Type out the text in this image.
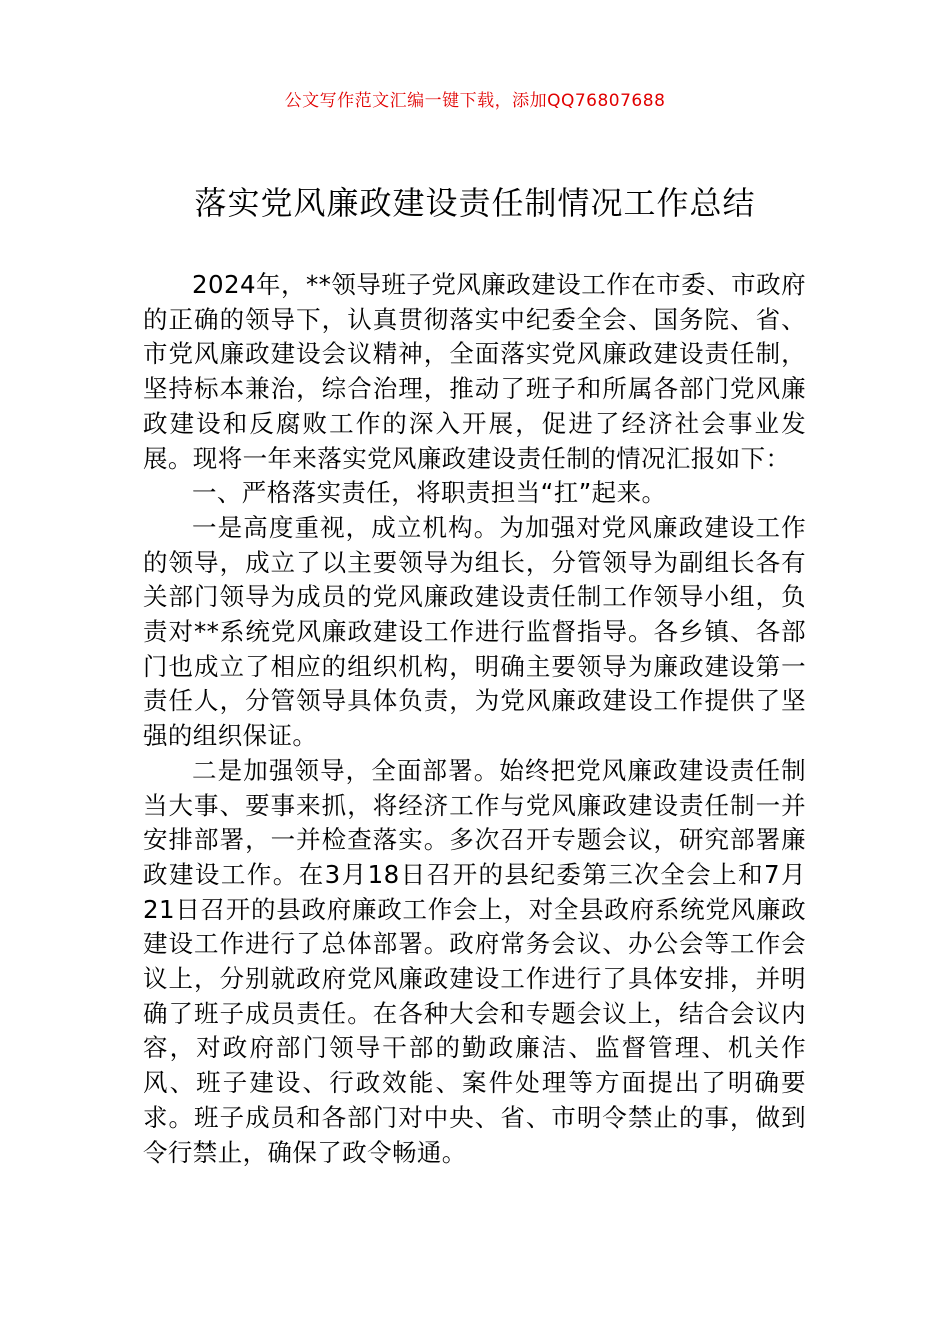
公文写作范文汇编一键下载，添加QQ76807688
落实党风廉政建设责任制情况工作总结

2024年，**领导班子党风廉政建设工作在市委、市政府的正确的领导下，认真贯彻落实中纪委全会、国务院、省、市党风廉政建设会议精神，全面落实党风廉政建设责任制，坚持标本兼治，综合治理，推动了班子和所属各部门党风廉政建设和反腐败工作的深入开展，促进了经济社会事业发展。现将一年来落实党风廉政建设责任制的情况汇报如下：

一、严格落实责任，将职责担当“扛”起来。

一是高度重视，成立机构。为加强对党风廉政建设工作的领导，成立了以主要领导为组长，分管领导为副组长各有关部门领导为成员的党风廉政建设责任制工作领导小组，负责对**系统党风廉政建设工作进行监督指导。各乡镇、各部门也成立了相应的组织机构，明确主要领导为廉政建设第一责任人，分管领导具体负责，为党风廉政建设工作提供了坚强的组织保证。

二是加强领导，全面部署。始终把党风廉政建设责任制当大事、要事来抓，将经济工作与党风廉政建设责任制一并安排部署，一并检查落实。多次召开专题会议，研究部署廉政建设工作。在3月18日召开的县纪委第三次全会上和7月21日召开的县政府廉政工作会上，对全县政府系统党风廉政建设工作进行了总体部署。政府常务会议、办公会等工作会议上，分别就政府党风廉政建设工作进行了具体安排，并明确了班子成员责任。在各种大会和专题会议上，结合会议内容，对政府部门领导干部的勤政廉洁、监督管理、机关作风、班子建设、行政效能、案件处理等方面提出了明确要求。班子成员和各部门对中央、省、市明令禁止的事，做到令行禁止，确保了政令畅通。
